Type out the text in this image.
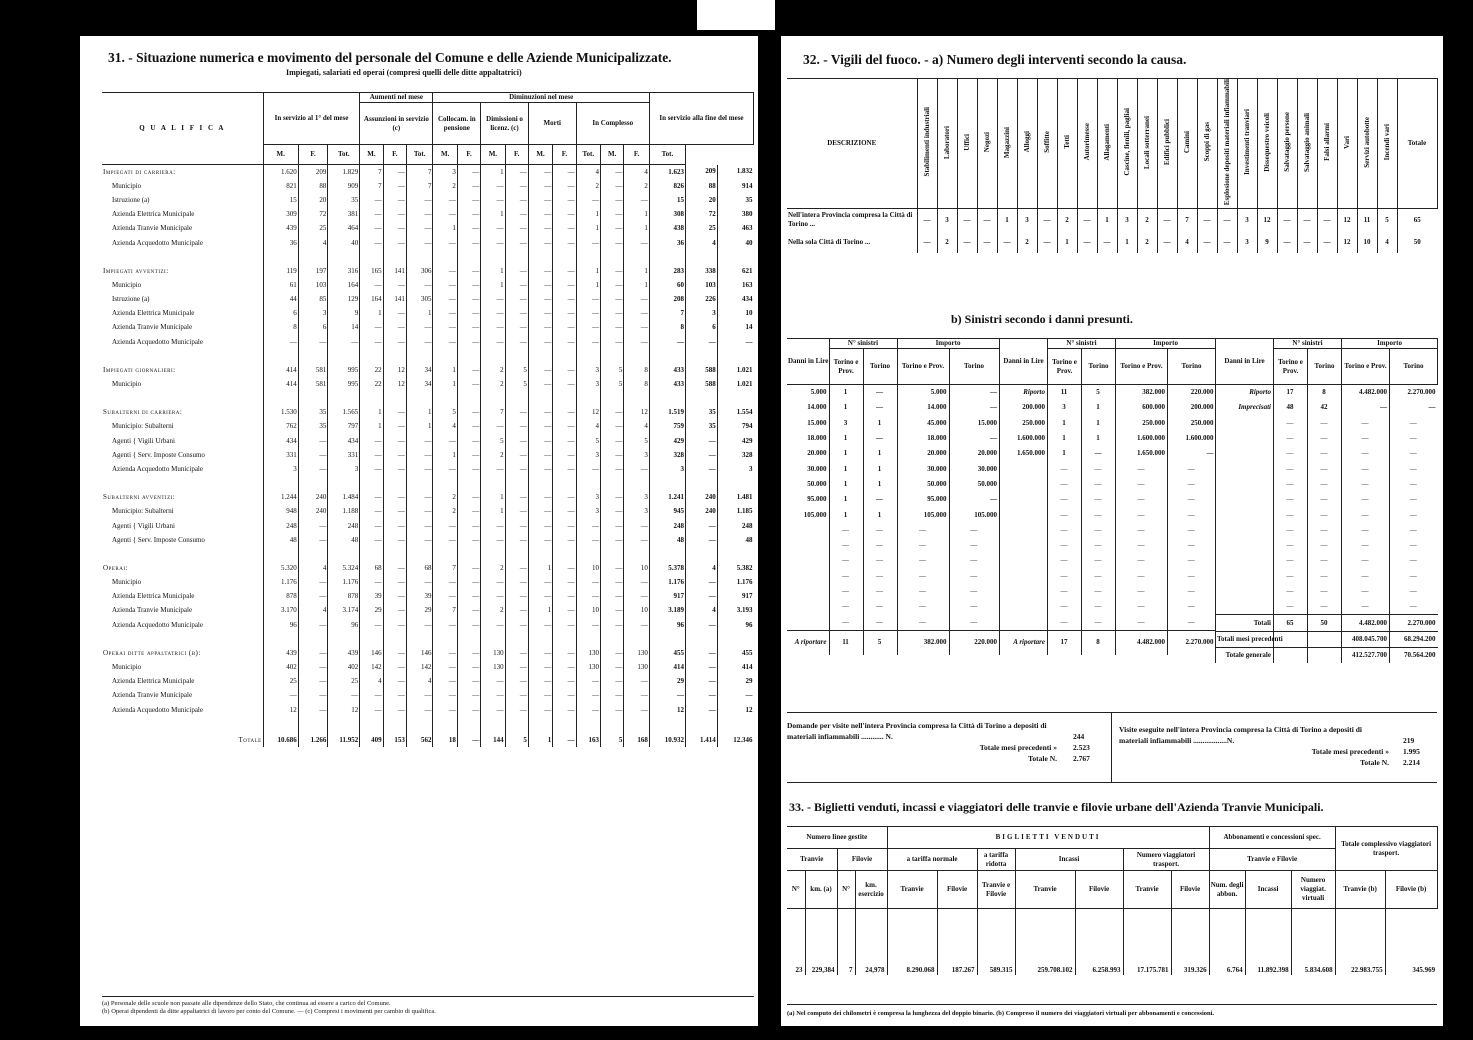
31. - Situazione numerica e movimento del personale del Comune e delle Aziende Municipalizzate.
Impiegati, salariati ed operai (compresi quelli delle ditte appaltatrici)
Q U A L I F I C A	In servizio al 1° del mese			Aumenti nel mese			Diminuzioni nel mese									In servizio alla fine del mese		
				Assunzioni in servizio (c)			Collocam. in pensione		Dimissioni o licenz. (c)		Morti		In Complesso					
	M.	F.	Tot.	M.	F.	Tot.	M.	F.	M.	F.	M.	F.	Tot.	M.	F.	Tot.		
Impiegati di carriera:	1.620	209	1.829	7	—	7	3	—	1	—	—	—	4	—	4	1.623	209	1.832
Municipio	821	88	909	7	—	7	2	—	—	—	—	—	2	—	2	826	88	914
Istruzione (a)	15	20	35	—	—	—	—	—	—	—	—	—	—	—	—	15	20	35
Azienda Elettrica Municipale	309	72	381	—	—	—	—	—	1	—	—	—	1	—	1	308	72	380
Azienda Tranvie Municipale	439	25	464	—	—	—	1	—	—	—	—	—	1	—	1	438	25	463
Azienda Acquedotto Municipale	36	4	40	—	—	—	—	—	—	—	—	—	—	—	—	36	4	40

Impiegati avventizi:	119	197	316	165	141	306	—	—	1	—	—	—	1	—	1	283	338	621
Municipio	61	103	164	—	—	—	—	—	1	—	—	—	1	—	1	60	103	163
Istruzione (a)	44	85	129	164	141	305	—	—	—	—	—	—	—	—	—	208	226	434
Azienda Elettrica Municipale	6	3	9	1	—	1	—	—	—	—	—	—	—	—	—	7	3	10
Azienda Tranvie Municipale	8	6	14	—	—	—	—	—	—	—	—	—	—	—	—	8	6	14
Azienda Acquedotto Municipale	—	—	—	—	—	—	—	—	—	—	—	—	—	—	—	—	—	—

Impiegati giornalieri:	414	581	995	22	12	34	1	—	2	5	—	—	3	5	8	433	588	1.021
Municipio	414	581	995	22	12	34	1	—	2	5	—	—	3	5	8	433	588	1.021

Subalterni di carriera:	1.530	35	1.565	1	—	1	5	—	7	—	—	—	12	—	12	1.519	35	1.554
Municipio: Subalterni	762	35	797	1	—	1	4	—	—	—	—	—	4	—	4	759	35	794
Agenti { Vigili Urbani	434	—	434	—	—	—	—	—	5	—	—	—	5	—	5	429	—	429
Agenti { Serv. Imposte Consumo	331	—	331	—	—	—	1	—	2	—	—	—	3	—	3	328	—	328
Azienda Acquedotto Municipale	3	—	3	—	—	—	—	—	—	—	—	—	—	—	—	3	—	3

Subalterni avventizi:	1.244	240	1.484	—	—	—	2	—	1	—	—	—	3	—	3	1.241	240	1.481
Municipio: Subalterni	948	240	1.188	—	—	—	2	—	1	—	—	—	3	—	3	945	240	1.185
Agenti { Vigili Urbani	248	—	248	—	—	—	—	—	—	—	—	—	—	—	—	248	—	248
Agenti { Serv. Imposte Consumo	48	—	48	—	—	—	—	—	—	—	—	—	—	—	—	48	—	48

Operai:	5.320	4	5.324	68	—	68	7	—	2	—	1	—	10	—	10	5.378	4	5.382
Municipio	1.176	—	1.176	—	—	—	—	—	—	—	—	—	—	—	—	1.176	—	1.176
Azienda Elettrica Municipale	878	—	878	39	—	39	—	—	—	—	—	—	—	—	—	917	—	917
Azienda Tranvie Municipale	3.170	4	3.174	29	—	29	7	—	2	—	1	—	10	—	10	3.189	4	3.193
Azienda Acquedotto Municipale	96	—	96	—	—	—	—	—	—	—	—	—	—	—	—	96	—	96

Operai ditte appaltatrici (b):	439	—	439	146	—	146	—	—	130	—	—	—	130	—	130	455	—	455
Municipio	402	—	402	142	—	142	—	—	130	—	—	—	130	—	130	414	—	414
Azienda Elettrica Municipale	25	—	25	4	—	4	—	—	—	—	—	—	—	—	—	29	—	29
Azienda Tranvie Municipale	—	—	—	—	—	—	—	—	—	—	—	—	—	—	—	—	—	—
Azienda Acquedotto Municipale	12	—	12	—	—	—	—	—	—	—	—	—	—	—	—	12	—	12

Totale	10.686	1.266	11.952	409	153	562	18	—	144	5	1	—	163	5	168	10.932	1.414	12.346
(a) Personale delle scuole non passate alle dipendenze dello Stato, che continua ad essere a carico del Comune.
(b) Operai dipendenti da ditte appaltatrici di lavoro per conto del Comune. — (c) Compresi i movimenti per cambio di qualifica.
32. - Vigili del fuoco. - a) Numero degli interventi secondo la causa.
DESCRIZIONE	Stabilimenti industriali	Laboratori	Uffici	Negozi	Magazzini	Alloggi	Soffitte	Tetti	Autorimesse	Allagamenti	Cascine, fienili, pagliai	Locali sotterranei	Edifici pubblici	Camini	Scoppi di gas	Esplosione depositi materiali infiammabili	Investimenti tranviari	Dissequestro veicoli	Salvataggio persone	Salvataggio animali	Falsi allarmi	Vari	Servizi autobotte	Incendi vari	Totale
Nell'intera Provincia compresa la Città di Torino ...	—	3	—	—	1	3	—	2	—	1	3	2	—	7	—	—	3	12	—	—	—	12	11	5	65
Nella sola Città di Torino ...	—	2	—	—	—	2	—	1	—	—	1	2	—	4	—	—	3	9	—	—	—	12	10	4	50
b) Sinistri secondo i danni presunti.
Danni in Lire	N° sinistri		Importo	
	Torino e Prov.	Torino	Torino e Prov.	Torino
5.000	1	—	5.000	—
14.000	1	—	14.000	—
15.000	3	1	45.000	15.000
18.000	1	—	18.000	—
20.000	1	1	20.000	20.000
30.000	1	1	30.000	30.000
50.000	1	1	50.000	50.000
95.000	1	—	95.000	—
105.000	1	1	105.000	105.000
	—	—	—	—
	—	—	—	—
	—	—	—	—
	—	—	—	—
	—	—	—	—
	—	—	—	—
	—	—	—	—
A riportare	11	5	382.000	220.000
Danni in Lire	N° sinistri		Importo	
	Torino e Prov.	Torino	Torino e Prov.	Torino
Riporto	11	5	382.000	220.000
200.000	3	1	600.000	200.000
250.000	1	1	250.000	250.000
1.600.000	1	1	1.600.000	1.600.000
1.650.000	1	—	1.650.000	—
	—	—	—	—
	—	—	—	—
	—	—	—	—
	—	—	—	—
	—	—	—	—
	—	—	—	—
	—	—	—	—
	—	—	—	—
	—	—	—	—
	—	—	—	—
	—	—	—	—
A riportare	17	8	4.482.000	2.270.000
Danni in Lire	N° sinistri		Importo	
	Torino e Prov.	Torino	Torino e Prov.	Torino
Riporto	17	8	4.482.000	2.270.000
Imprecisati	48	42	—	—
	—	—	—	—
	—	—	—	—
	—	—	—	—
	—	—	—	—
	—	—	—	—
	—	—	—	—
	—	—	—	—
	—	—	—	—
	—	—	—	—
	—	—	—	—
	—	—	—	—
	—	—	—	—
	—	—	—	—
Totali	65	50	4.482.000	2.270.000
Totali mesi precedenti			408.045.700	68.294.200
Totale generale			412.527.700	70.564.200
Domande per visite nell'intera Provincia compresa la Città di Torino a depositi di materiali infiammabili ............ N.	244
Totale mesi precedenti » 2.523
Totale N. 2.767
Visite eseguite nell'intera Provincia compresa la Città di Torino a depositi di materiali infiammabili ..................N.	219
Totale mesi precedenti » 1.995
Totale N. 2.214
33. - Biglietti venduti, incassi e viaggiatori delle tranvie e filovie urbane dell'Azienda Tranvie Municipali.
Numero linee gestite				BIGLIETTI VENDUTI							Abbonamenti e concessioni spec.			Totale complessivo viaggiatori trasport.	
Tranvie		Filovie		a tariffa normale		a tariffa ridotta	Incassi		Numero viaggiatori trasport.		Tranvie e Filovie				
N°	km. (a)	N°	km. esercizio	Tranvie	Filovie	Tranvie e Filovie	Tranvie	Filovie	Tranvie	Filovie	Num. degli abbon.	Incassi	Numero viaggiat. virtuali	Tranvie (b)	Filovie (b)
23	229,384	7	24,978	8.290.068	187.267	589.315	259.708.102	6.258.993	17.175.781	319.326	6.764	11.892.398	5.834.608	22.983.755	345.969
(a) Nel computo dei chilometri è compresa la lunghezza del doppio binario. (b) Compreso il numero dei viaggiatori virtuali per abbonamenti e concessioni.
